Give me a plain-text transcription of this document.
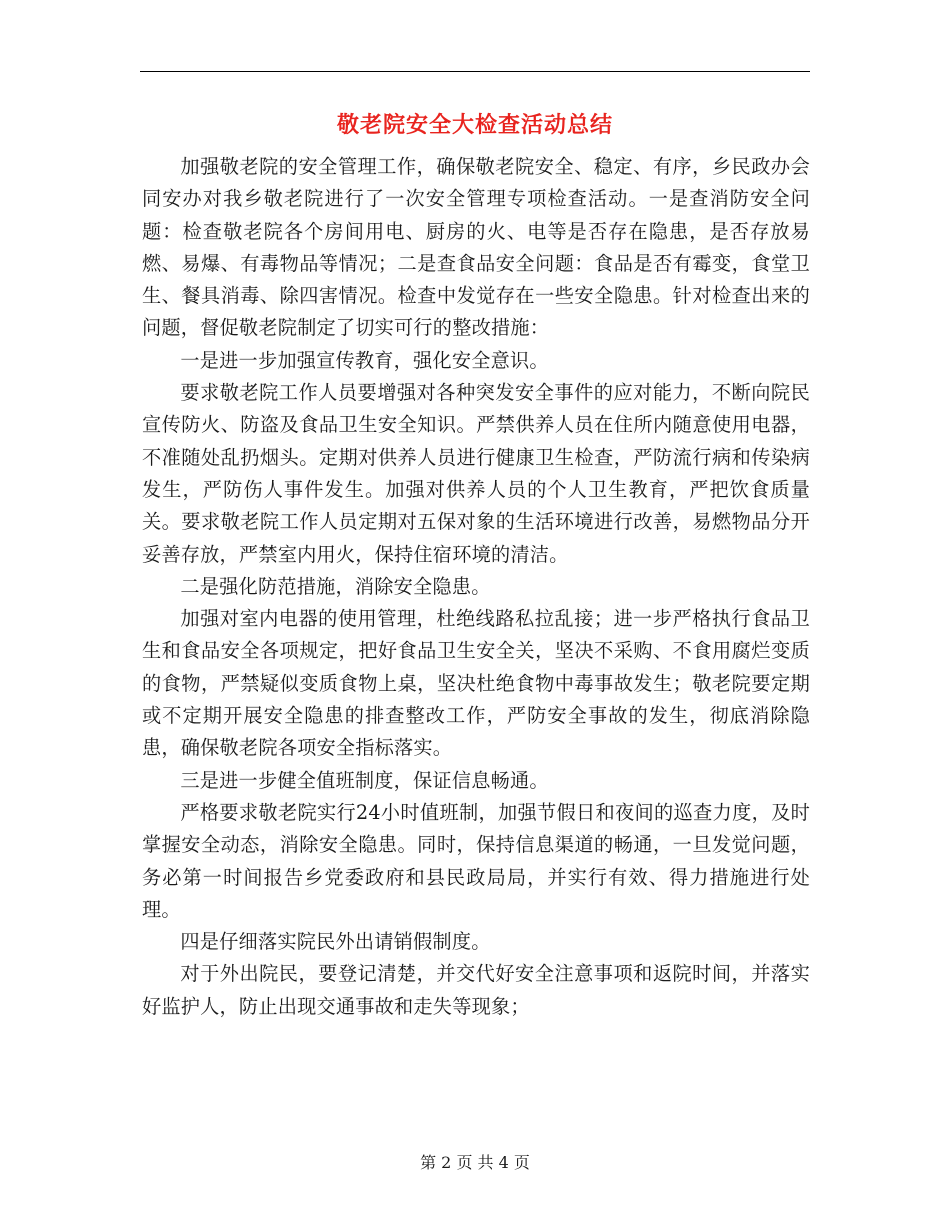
敬老院安全大检查活动总结

加强敬老院的安全管理工作，确保敬老院安全、稳定、有序，乡民政办会同安办对我乡敬老院进行了一次安全管理专项检查活动。一是查消防安全问题：检查敬老院各个房间用电、厨房的火、电等是否存在隐患，是否存放易燃、易爆、有毒物品等情况；二是查食品安全问题：食品是否有霉变，食堂卫生、餐具消毒、除四害情况。检查中发觉存在一些安全隐患。针对检查出来的问题，督促敬老院制定了切实可行的整改措施：

一是进一步加强宣传教育，强化安全意识。

要求敬老院工作人员要增强对各种突发安全事件的应对能力，不断向院民宣传防火、防盗及食品卫生安全知识。严禁供养人员在住所内随意使用电器，不准随处乱扔烟头。定期对供养人员进行健康卫生检查，严防流行病和传染病发生，严防伤人事件发生。加强对供养人员的个人卫生教育，严把饮食质量关。要求敬老院工作人员定期对五保对象的生活环境进行改善，易燃物品分开妥善存放，严禁室内用火，保持住宿环境的清洁。

二是强化防范措施，消除安全隐患。

加强对室内电器的使用管理，杜绝线路私拉乱接；进一步严格执行食品卫生和食品安全各项规定，把好食品卫生安全关，坚决不采购、不食用腐烂变质的食物，严禁疑似变质食物上桌，坚决杜绝食物中毒事故发生；敬老院要定期或不定期开展安全隐患的排查整改工作，严防安全事故的发生，彻底消除隐患，确保敬老院各项安全指标落实。

三是进一步健全值班制度，保证信息畅通。

严格要求敬老院实行24小时值班制，加强节假日和夜间的巡查力度，及时掌握安全动态，消除安全隐患。同时，保持信息渠道的畅通，一旦发觉问题，务必第一时间报告乡党委政府和县民政局局，并实行有效、得力措施进行处理。

四是仔细落实院民外出请销假制度。

对于外出院民，要登记清楚，并交代好安全注意事项和返院时间，并落实好监护人，防止出现交通事故和走失等现象；

第 2 页 共 4 页
